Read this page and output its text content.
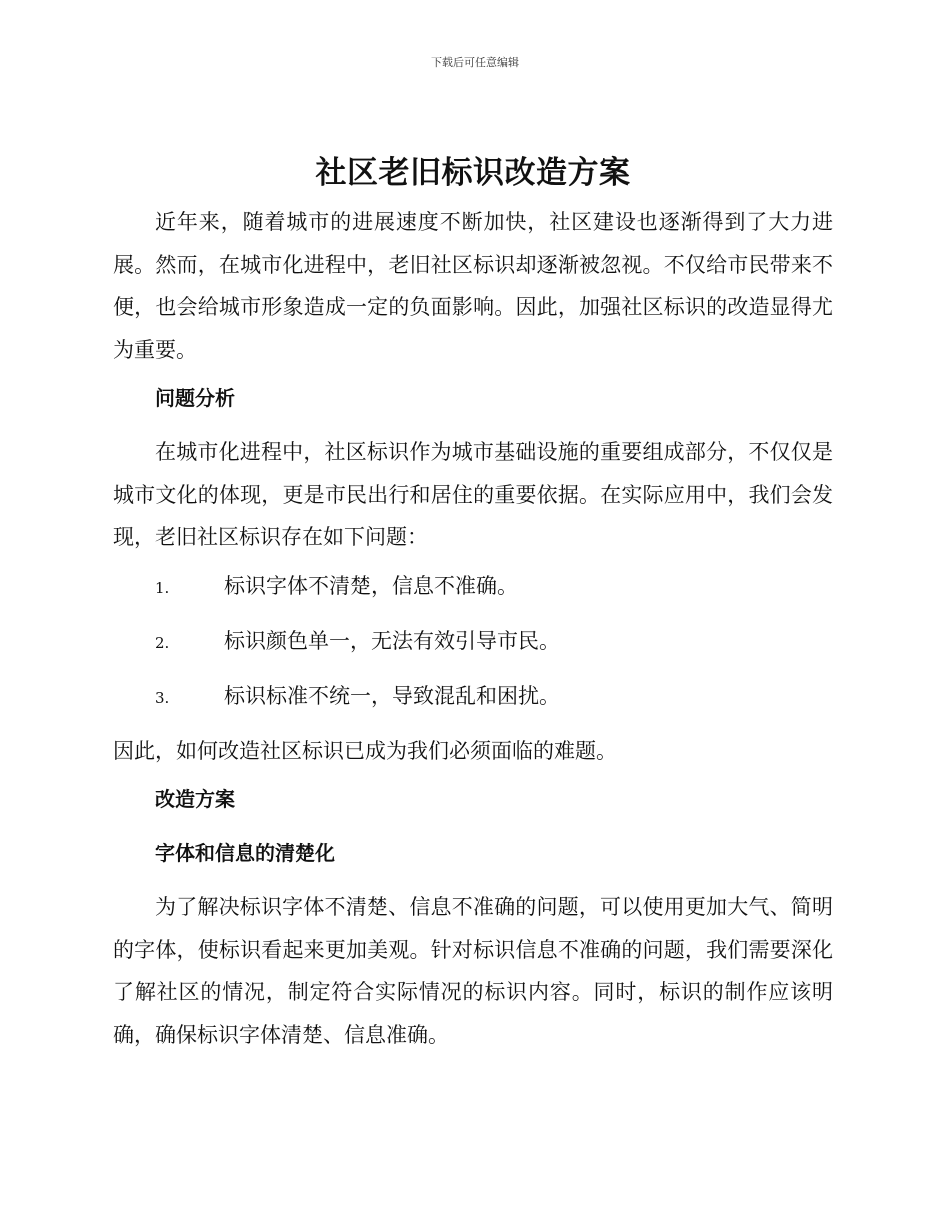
下载后可任意编辑
社区老旧标识改造方案

近年来，随着城市的进展速度不断加快，社区建设也逐渐得到了大力进展。然而，在城市化进程中，老旧社区标识却逐渐被忽视。不仅给市民带来不便，也会给城市形象造成一定的负面影响。因此，加强社区标识的改造显得尤为重要。

问题分析

在城市化进程中，社区标识作为城市基础设施的重要组成部分，不仅仅是城市文化的体现，更是市民出行和居住的重要依据。在实际应用中，我们会发现，老旧社区标识存在如下问题：

1.	标识字体不清楚，信息不准确。
2.	标识颜色单一，无法有效引导市民。
3.	标识标准不统一，导致混乱和困扰。

因此，如何改造社区标识已成为我们必须面临的难题。

改造方案
字体和信息的清楚化

为了解决标识字体不清楚、信息不准确的问题，可以使用更加大气、简明的字体，使标识看起来更加美观。针对标识信息不准确的问题，我们需要深化了解社区的情况，制定符合实际情况的标识内容。同时，标识的制作应该明确，确保标识字体清楚、信息准确。
